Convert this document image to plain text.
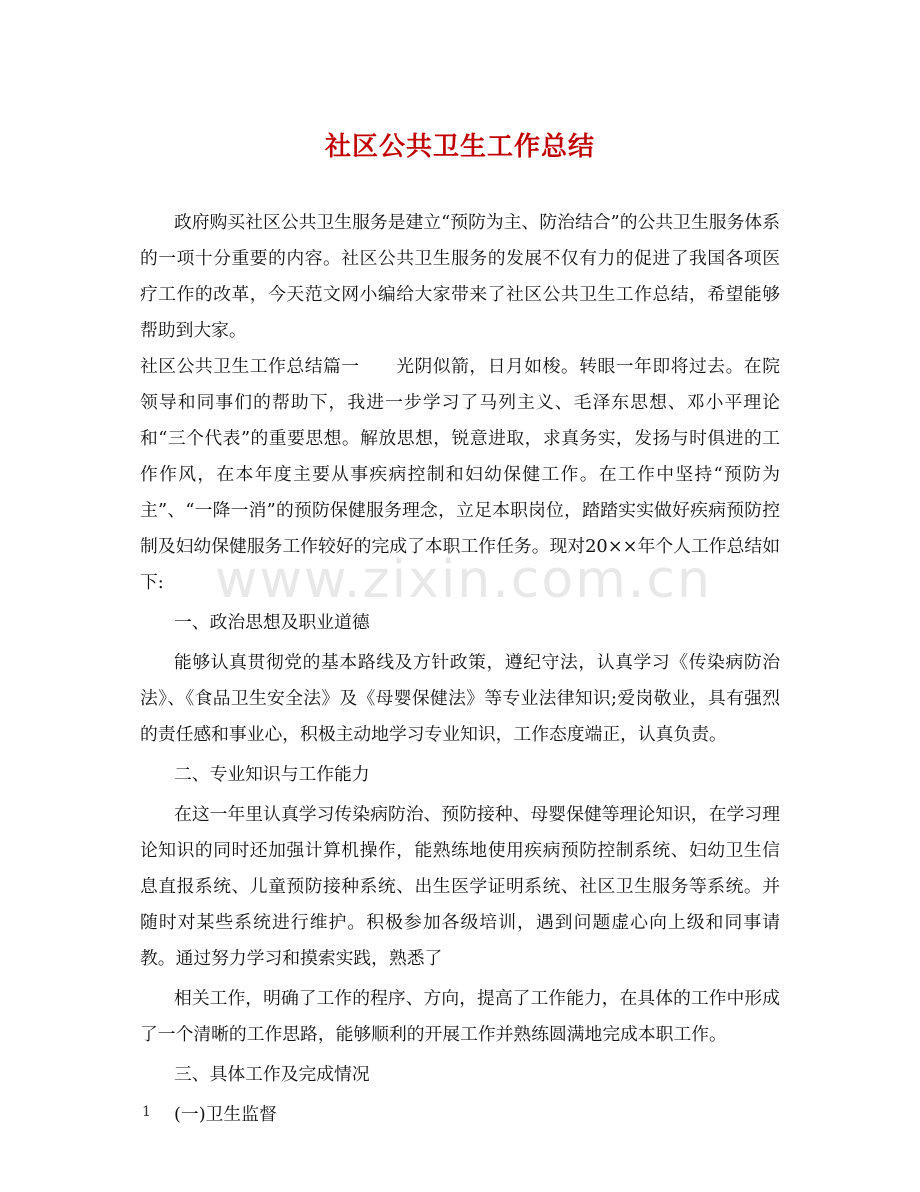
社区公共卫生工作总结

政府购买社区公共卫生服务是建立“预防为主、防治结合”的公共卫生服务体系的一项十分重要的内容。社区公共卫生服务的发展不仅有力的促进了我国各项医疗工作的改革，今天范文网小编给大家带来了社区公共卫生工作总结，希望能够帮助到大家。

社区公共卫生工作总结篇一　　光阴似箭，日月如梭。转眼一年即将过去。在院领导和同事们的帮助下，我进一步学习了马列主义、毛泽东思想、邓小平理论和“三个代表”的重要思想。解放思想，锐意进取，求真务实，发扬与时俱进的工作作风，在本年度主要从事疾病控制和妇幼保健工作。在工作中坚持“预防为主”、“一降一消”的预防保健服务理念，立足本职岗位，踏踏实实做好疾病预防控制及妇幼保健服务工作较好的完成了本职工作任务。现对20××年个人工作总结如下:

一、政治思想及职业道德

能够认真贯彻党的基本路线及方针政策，遵纪守法，认真学习《传染病防治法》、《食品卫生安全法》及《母婴保健法》等专业法律知识;爱岗敬业，具有强烈的责任感和事业心，积极主动地学习专业知识，工作态度端正，认真负责。

二、专业知识与工作能力

在这一年里认真学习传染病防治、预防接种、母婴保健等理论知识，在学习理论知识的同时还加强计算机操作，能熟练地使用疾病预防控制系统、妇幼卫生信息直报系统、儿童预防接种系统、出生医学证明系统、社区卫生服务等系统。并随时对某些系统进行维护。积极参加各级培训，遇到问题虚心向上级和同事请教。通过努力学习和摸索实践，熟悉了

相关工作，明确了工作的程序、方向，提高了工作能力，在具体的工作中形成了一个清晰的工作思路，能够顺利的开展工作并熟练圆满地完成本职工作。

三、具体工作及完成情况

(一)卫生监督

www.zixin.com.cn
1
